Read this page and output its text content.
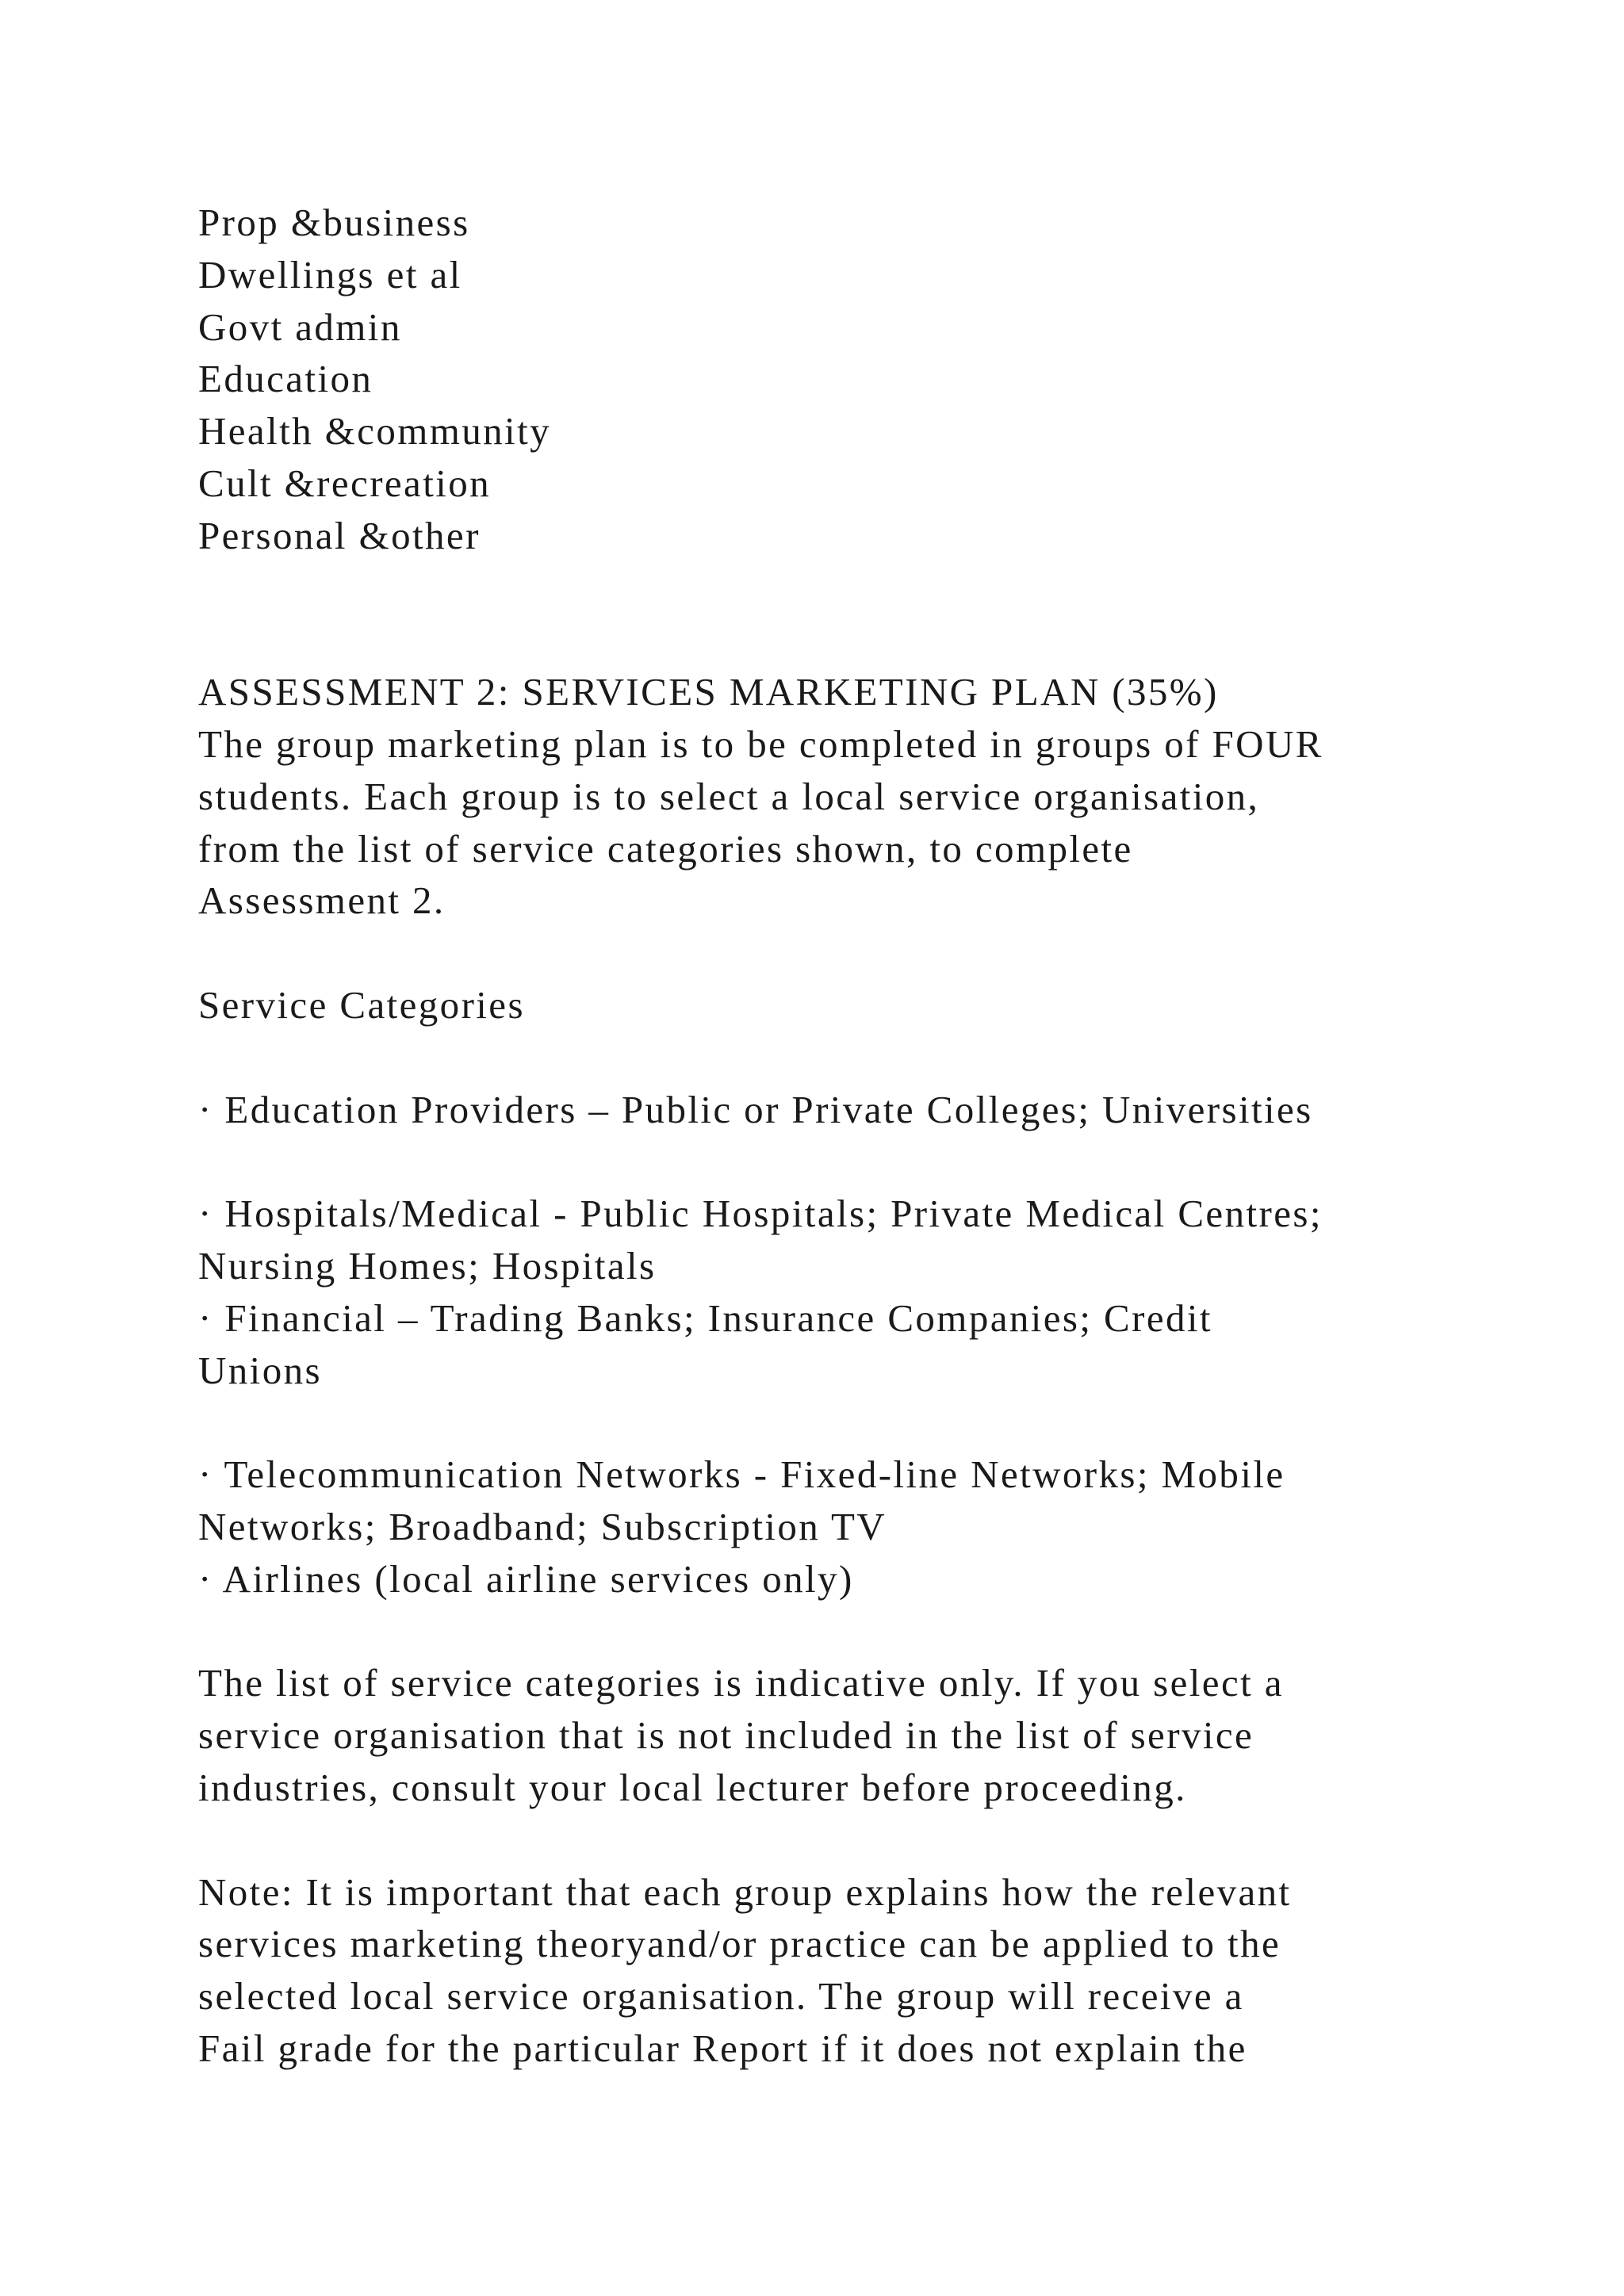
Prop &business
Dwellings et al
Govt admin
Education
Health &community
Cult &recreation
Personal &other
ASSESSMENT 2: SERVICES MARKETING PLAN (35%)
The group marketing plan is to be completed in groups of FOUR
students. Each group is to select a local service organisation,
from the list of service categories shown, to complete
Assessment 2.
Service Categories
· Education Providers – Public or Private Colleges; Universities
· Hospitals/Medical - Public Hospitals; Private Medical Centres;
Nursing Homes; Hospitals
· Financial – Trading Banks; Insurance Companies; Credit
Unions
· Telecommunication Networks - Fixed-line Networks; Mobile
Networks; Broadband; Subscription TV
· Airlines (local airline services only)
The list of service categories is indicative only. If you select a
service organisation that is not included in the list of service
industries, consult your local lecturer before proceeding.
Note: It is important that each group explains how the relevant
services marketing theoryand/or practice can be applied to the
selected local service organisation. The group will receive a
Fail grade for the particular Report if it does not explain the
